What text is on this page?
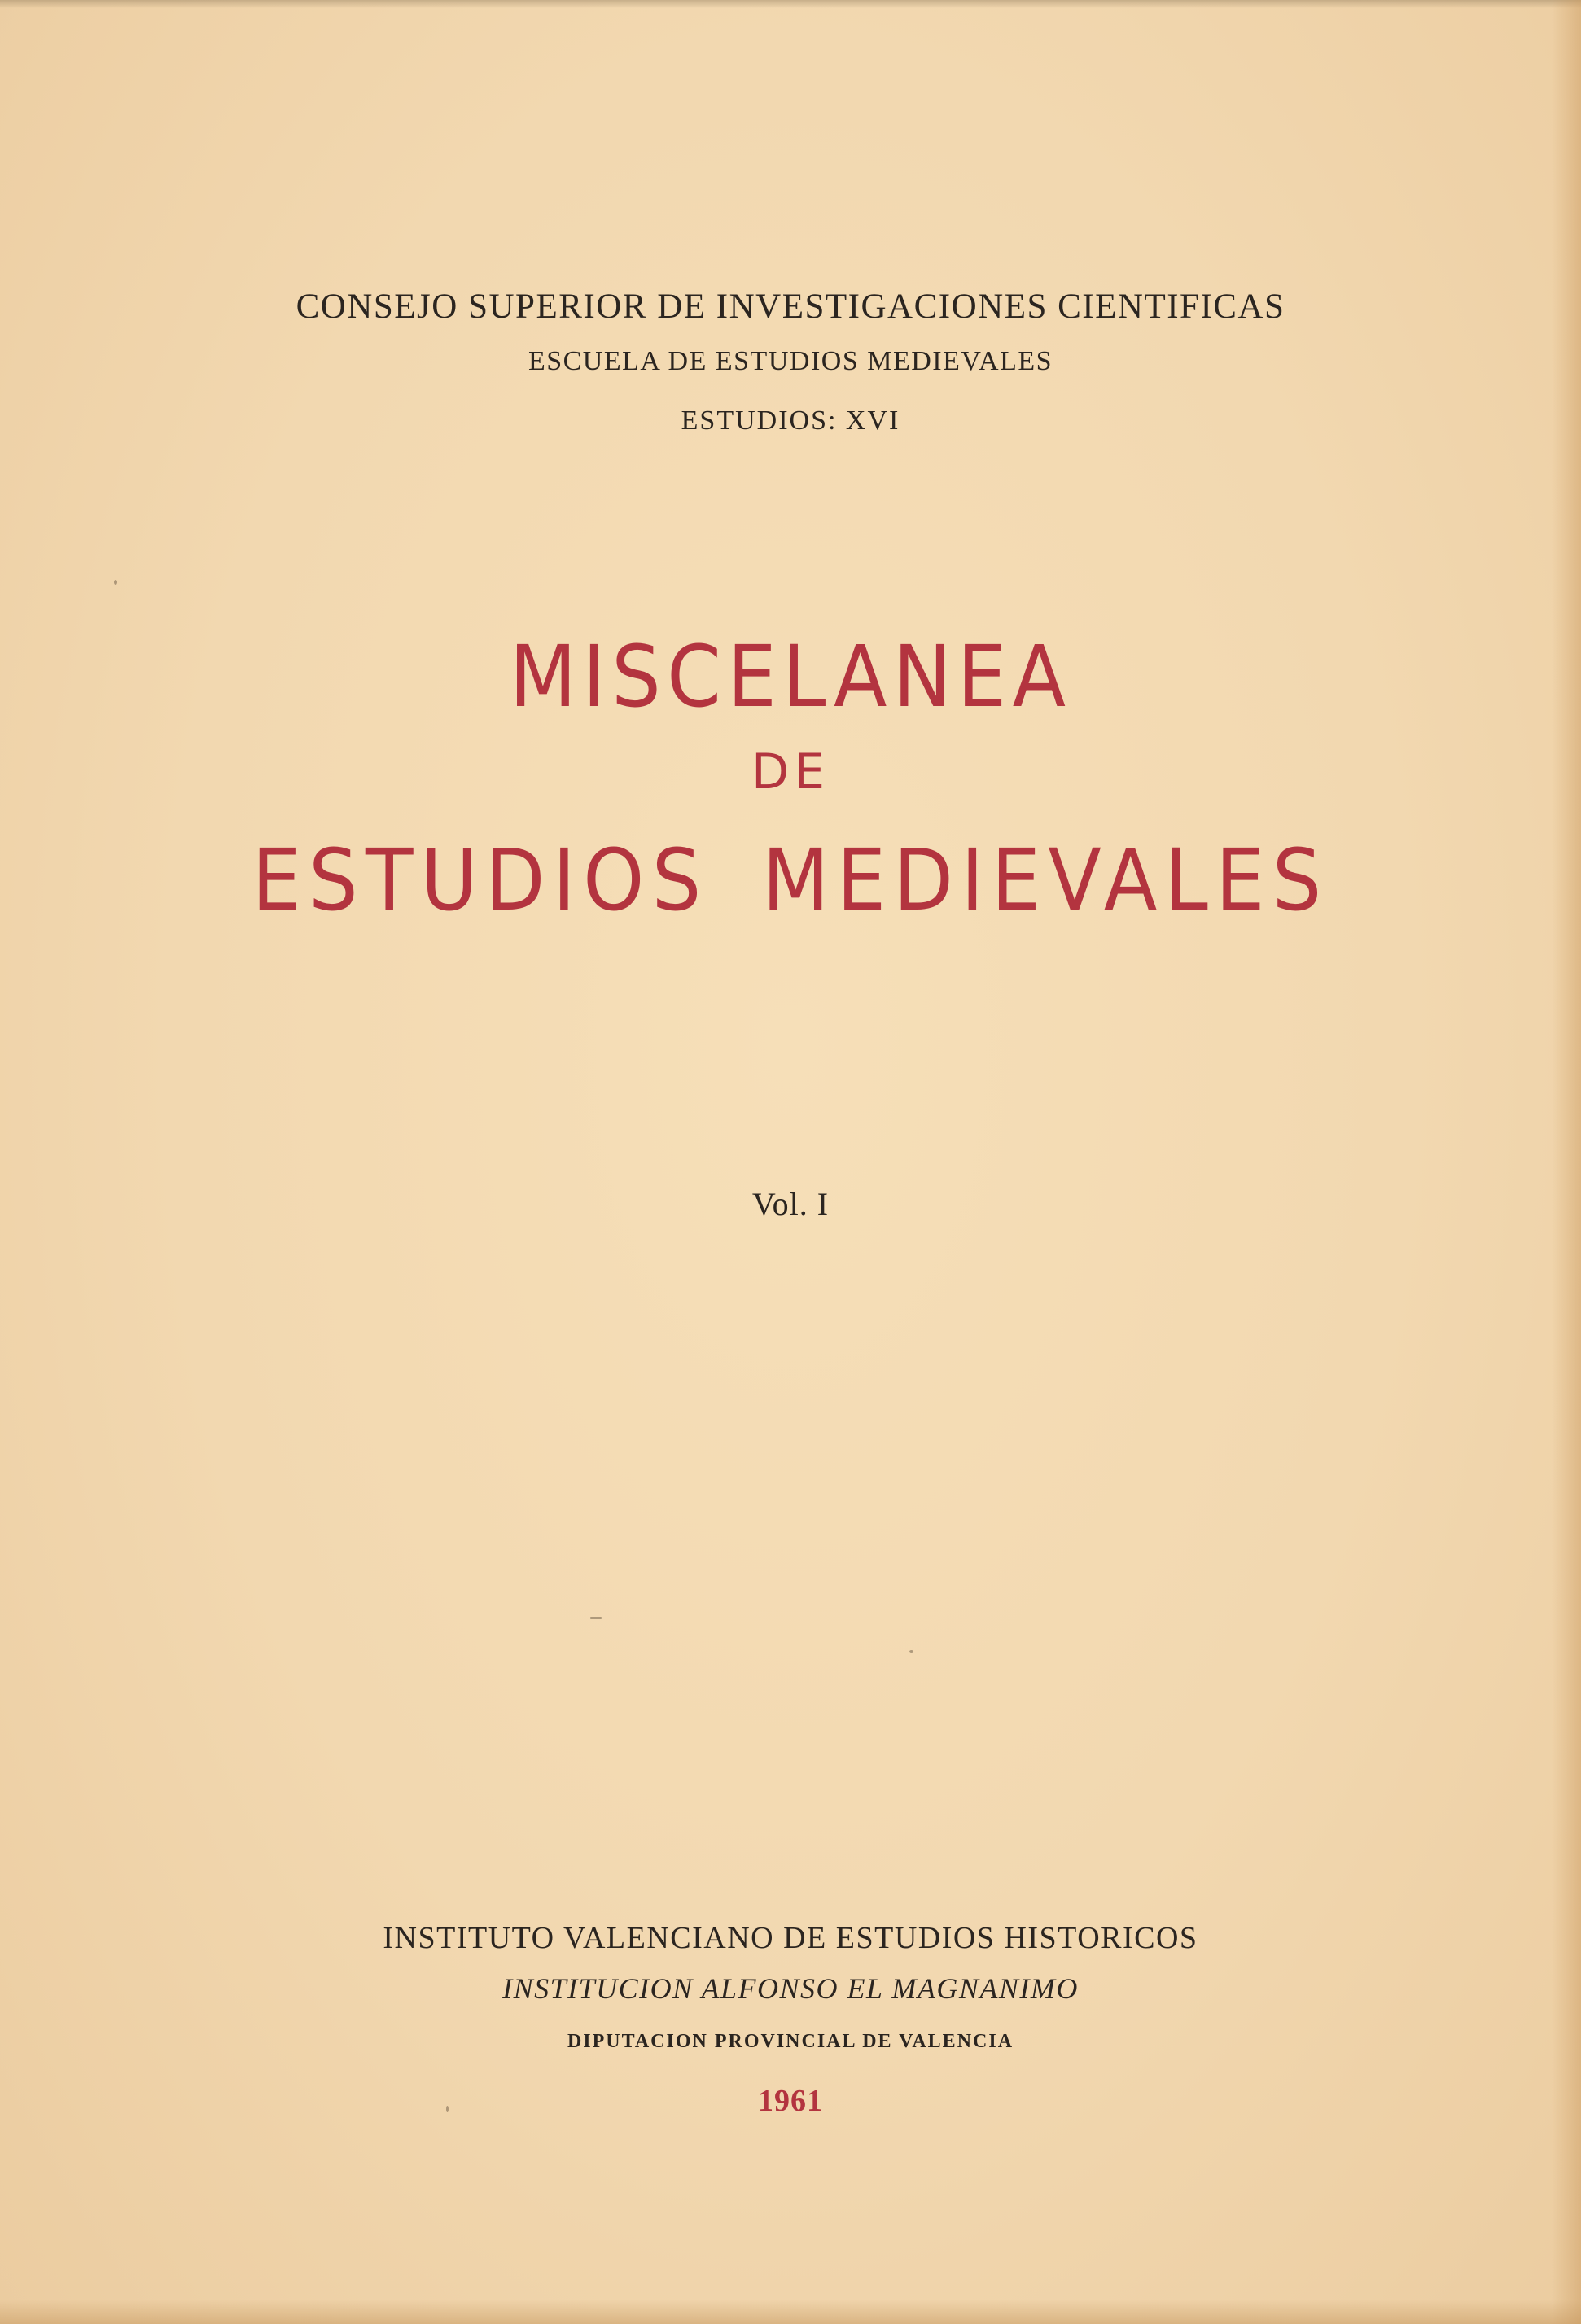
CONSEJO SUPERIOR DE INVESTIGACIONES CIENTIFICAS
ESCUELA DE ESTUDIOS MEDIEVALES
ESTUDIOS: XVI
MISCELANEA
DE
ESTUDIOS MEDIEVALES
Vol. I
INSTITUTO VALENCIANO DE ESTUDIOS HISTORICOS
INSTITUCION ALFONSO EL MAGNANIMO
DIPUTACION PROVINCIAL DE VALENCIA
1961
